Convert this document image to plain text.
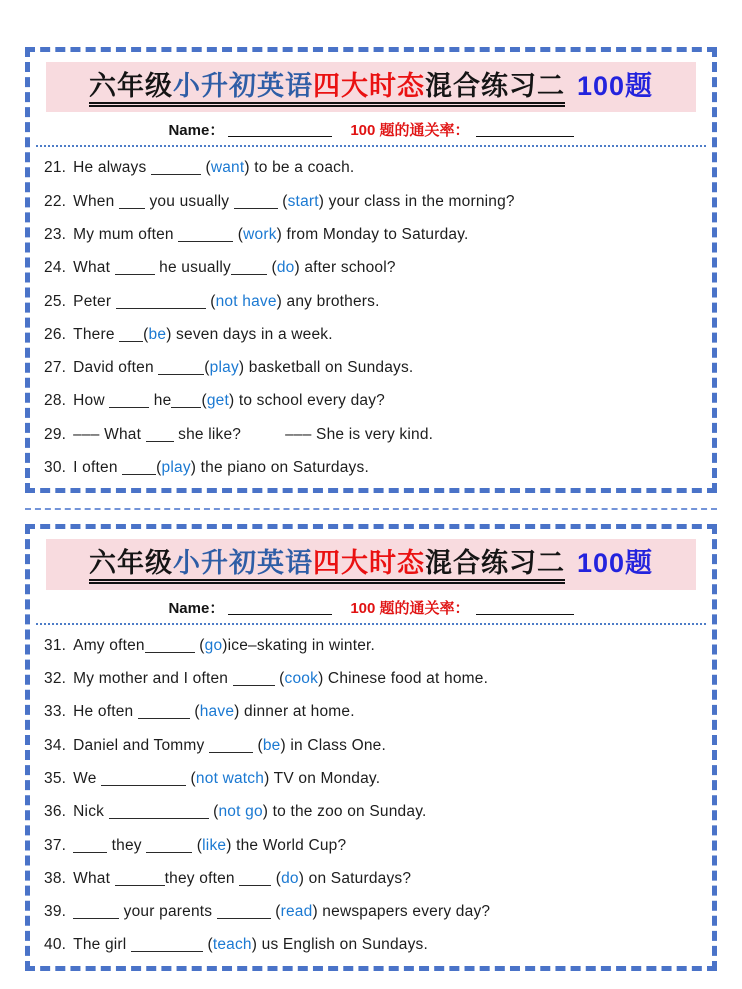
六年级小升初英语四大时态混合练习二 100题
Name：	100 题的通关率：
21. He always	(want) to be a coach.
22. When  you usually	(start) your class in the morning?
23. My mum often	(work) from Monday to Saturday.
24. What	he usually (do) after school?
25. Peter	(not have) any brothers.
26. There (be) seven days in a week.
27. David often	(play) basketball on Sundays.
28. How	he (get) to school every day?
29. ––– What  she like?	––– She is very kind.
30. I often (play) the piano on Saturdays.
六年级小升初英语四大时态混合练习二 100题
Name：	100 题的通关率：
31. Amy often	(go)ice–skating in winter.
32. My mother and I often	(cook) Chinese food at home.
33. He often	(have) dinner at home.
34. Daniel and Tommy	(be) in Class One.
35. We	(not watch) TV on Monday.
36. Nick	(not go) to the zoo on Sunday.
37.	they	(like) the World Cup?
38. What	they often  (do) on Saturdays?
39.	your parents	(read) newspapers every day?
40. The girl	(teach) us English on Sundays.
